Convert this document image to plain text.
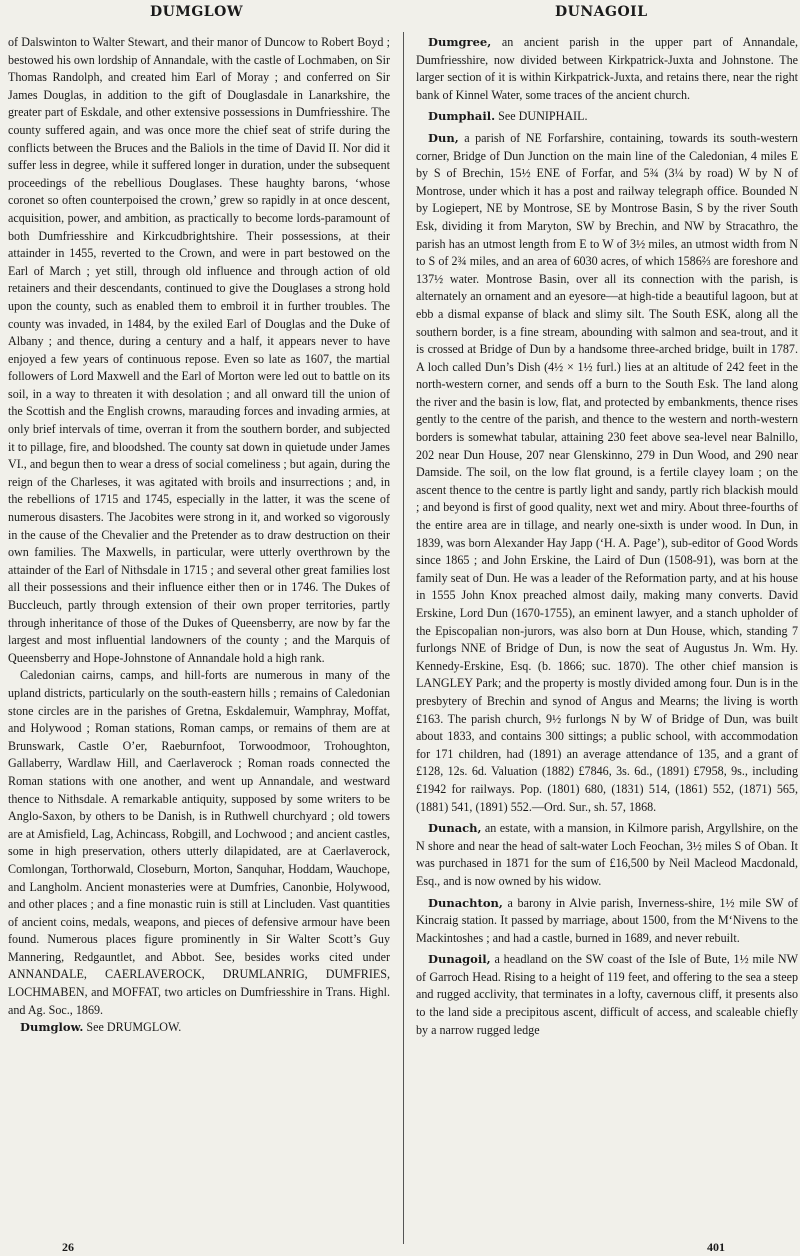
DUMGLOW	DUNAGOIL

of Dalswinton to Walter Stewart, and their manor of Duncow to Robert Boyd ; bestowed his own lordship of Annandale, with the castle of Lochmaben, on Sir Thomas Randolph, and created him Earl of Moray ; and conferred on Sir James Douglas, in addition to the gift of Douglasdale in Lanarkshire, the greater part of Eskdale, and other extensive possessions in Dumfriesshire. The county suffered again, and was once more the chief seat of strife during the conflicts between the Bruces and the Baliols in the time of David II. Nor did it suffer less in degree, while it suffered longer in duration, under the subsequent proceedings of the rebellious Douglases. These haughty barons, ‘whose coronet so often counterpoised the crown,’ grew so rapidly in at once descent, acquisition, power, and ambition, as practically to become lords-paramount of both Dumfriesshire and Kirkcudbrightshire. Their possessions, at their attainder in 1455, reverted to the Crown, and were in part bestowed on the Earl of March ; yet still, through old influence and through action of old retainers and their descendants, continued to give the Douglases a strong hold upon the county, such as enabled them to embroil it in further troubles. The county was invaded, in 1484, by the exiled Earl of Douglas and the Duke of Albany ; and thence, during a century and a half, it appears never to have enjoyed a few years of continuous repose. Even so late as 1607, the martial followers of Lord Maxwell and the Earl of Morton were led out to battle on its soil, in a way to threaten it with desolation ; and all onward till the union of the Scottish and the English crowns, marauding forces and invading armies, at only brief intervals of time, overran it from the southern border, and subjected it to pillage, fire, and bloodshed. The county sat down in quietude under James VI., and begun then to wear a dress of social comeliness ; but again, during the reign of the Charleses, it was agitated with broils and insurrections ; and, in the rebellions of 1715 and 1745, especially in the latter, it was the scene of numerous disasters. The Jacobites were strong in it, and worked so vigorously in the cause of the Chevalier and the Pretender as to draw destruction on their own families. The Maxwells, in particular, were utterly overthrown by the attainder of the Earl of Nithsdale in 1715 ; and several other great families lost all their possessions and their influence either then or in 1746. The Dukes of Buccleuch, partly through extension of their own proper territories, partly through inheritance of those of the Dukes of Queensberry, are now by far the largest and most influential landowners of the county ; and the Marquis of Queensberry and Hope-Johnstone of Annandale hold a high rank.

Caledonian cairns, camps, and hill-forts are numerous in many of the upland districts, particularly on the south-eastern hills ; remains of Caledonian stone circles are in the parishes of Gretna, Eskdalemuir, Wamphray, Moffat, and Holywood ; Roman stations, Roman camps, or remains of them are at Brunswark, Castle O’er, Raeburnfoot, Torwoodmoor, Trohoughton, Gallaberry, Wardlaw Hill, and Caerlaverock ; Roman roads connected the Roman stations with one another, and went up Annandale, and westward thence to Nithsdale. A remarkable antiquity, supposed by some writers to be Anglo-Saxon, by others to be Danish, is in Ruthwell churchyard ; old towers are at Amisfield, Lag, Achincass, Robgill, and Lochwood ; and ancient castles, some in high preservation, others utterly dilapidated, are at Caerlaverock, Comlongan, Torthorwald, Closeburn, Morton, Sanquhar, Hoddam, Wauchope, and Langholm. Ancient monasteries were at Dumfries, Canonbie, Holywood, and other places ; and a fine monastic ruin is still at Lincluden. Vast quantities of ancient coins, medals, weapons, and pieces of defensive armour have been found. Numerous places figure prominently in Sir Walter Scott’s Guy Mannering, Redgauntlet, and Abbot. See, besides works cited under ANNANDALE, CAERLAVEROCK, DRUMLANRIG, DUMFRIES, LOCHMABEN, and MOFFAT, two articles on Dumfriesshire in Trans. Highl. and Ag. Soc., 1869.

Dumglow. See DRUMGLOW.

Dumgree, an ancient parish in the upper part of Annandale, Dumfriesshire, now divided between Kirkpatrick-Juxta and Johnstone. The larger section of it is within Kirkpatrick-Juxta, and retains there, near the right bank of Kinnel Water, some traces of the ancient church.

Dumphail. See DUNIPHAIL.

Dun, a parish of NE Forfarshire, containing, towards its south-western corner, Bridge of Dun Junction on the main line of the Caledonian, 4 miles E by S of Brechin, 15½ ENE of Forfar, and 5¾ (3¼ by road) W by N of Montrose, under which it has a post and railway telegraph office. Bounded N by Logiepert, NE by Montrose, SE by Montrose Basin, S by the river South Esk, dividing it from Maryton, SW by Brechin, and NW by Stracathro, the parish has an utmost length from E to W of 3½ miles, an utmost width from N to S of 2¾ miles, and an area of 6030 acres, of which 1586⅔ are foreshore and 137½ water. Montrose Basin, over all its connection with the parish, is alternately an ornament and an eyesore—at high-tide a beautiful lagoon, but at ebb a dismal expanse of black and slimy silt. The South ESK, along all the southern border, is a fine stream, abounding with salmon and sea-trout, and it is crossed at Bridge of Dun by a handsome three-arched bridge, built in 1787. A loch called Dun’s Dish (4½ × 1½ furl.) lies at an altitude of 242 feet in the north-western corner, and sends off a burn to the South Esk. The land along the river and the basin is low, flat, and protected by embankments, thence rises gently to the centre of the parish, and thence to the western and north-western borders is somewhat tabular, attaining 230 feet above sea-level near Balnillo, 202 near Dun House, 207 near Glenskinno, 279 in Dun Wood, and 290 near Damside. The soil, on the low flat ground, is a fertile clayey loam ; on the ascent thence to the centre is partly light and sandy, partly rich blackish mould ; and beyond is first of good quality, next wet and miry. About three-fourths of the entire area are in tillage, and nearly one-sixth is under wood. In Dun, in 1839, was born Alexander Hay Japp (‘H. A. Page’), sub-editor of Good Words since 1865 ; and John Erskine, the Laird of Dun (1508-91), was born at the family seat of Dun. He was a leader of the Reformation party, and at his house in 1555 John Knox preached almost daily, making many converts. David Erskine, Lord Dun (1670-1755), an eminent lawyer, and a stanch upholder of the Episcopalian non-jurors, was also born at Dun House, which, standing 7 furlongs NNE of Bridge of Dun, is now the seat of Augustus Jn. Wm. Hy. Kennedy-Erskine, Esq. (b. 1866; suc. 1870). The other chief mansion is LANGLEY Park; and the property is mostly divided among four. Dun is in the presbytery of Brechin and synod of Angus and Mearns; the living is worth £163. The parish church, 9½ furlongs N by W of Bridge of Dun, was built about 1833, and contains 300 sittings; a public school, with accommodation for 171 children, had (1891) an average attendance of 135, and a grant of £128, 12s. 6d. Valuation (1882) £7846, 3s. 6d., (1891) £7958, 9s., including £1942 for railways. Pop. (1801) 680, (1831) 514, (1861) 552, (1871) 565, (1881) 541, (1891) 552.—Ord. Sur., sh. 57, 1868.

Dunach, an estate, with a mansion, in Kilmore parish, Argyllshire, on the N shore and near the head of salt-water Loch Feochan, 3½ miles S of Oban. It was purchased in 1871 for the sum of £16,500 by Neil Macleod Macdonald, Esq., and is now owned by his widow.

Dunachton, a barony in Alvie parish, Inverness-shire, 1½ mile SW of Kincraig station. It passed by marriage, about 1500, from the M‘Nivens to the Mackintoshes ; and had a castle, burned in 1689, and never rebuilt.

Dunagoil, a headland on the SW coast of the Isle of Bute, 1½ mile NW of Garroch Head. Rising to a height of 119 feet, and offering to the sea a steep and rugged acclivity, that terminates in a lofty, cavernous cliff, it presents also to the land side a precipitous ascent, difficult of access, and scaleable chiefly by a narrow rugged ledge

26	401
